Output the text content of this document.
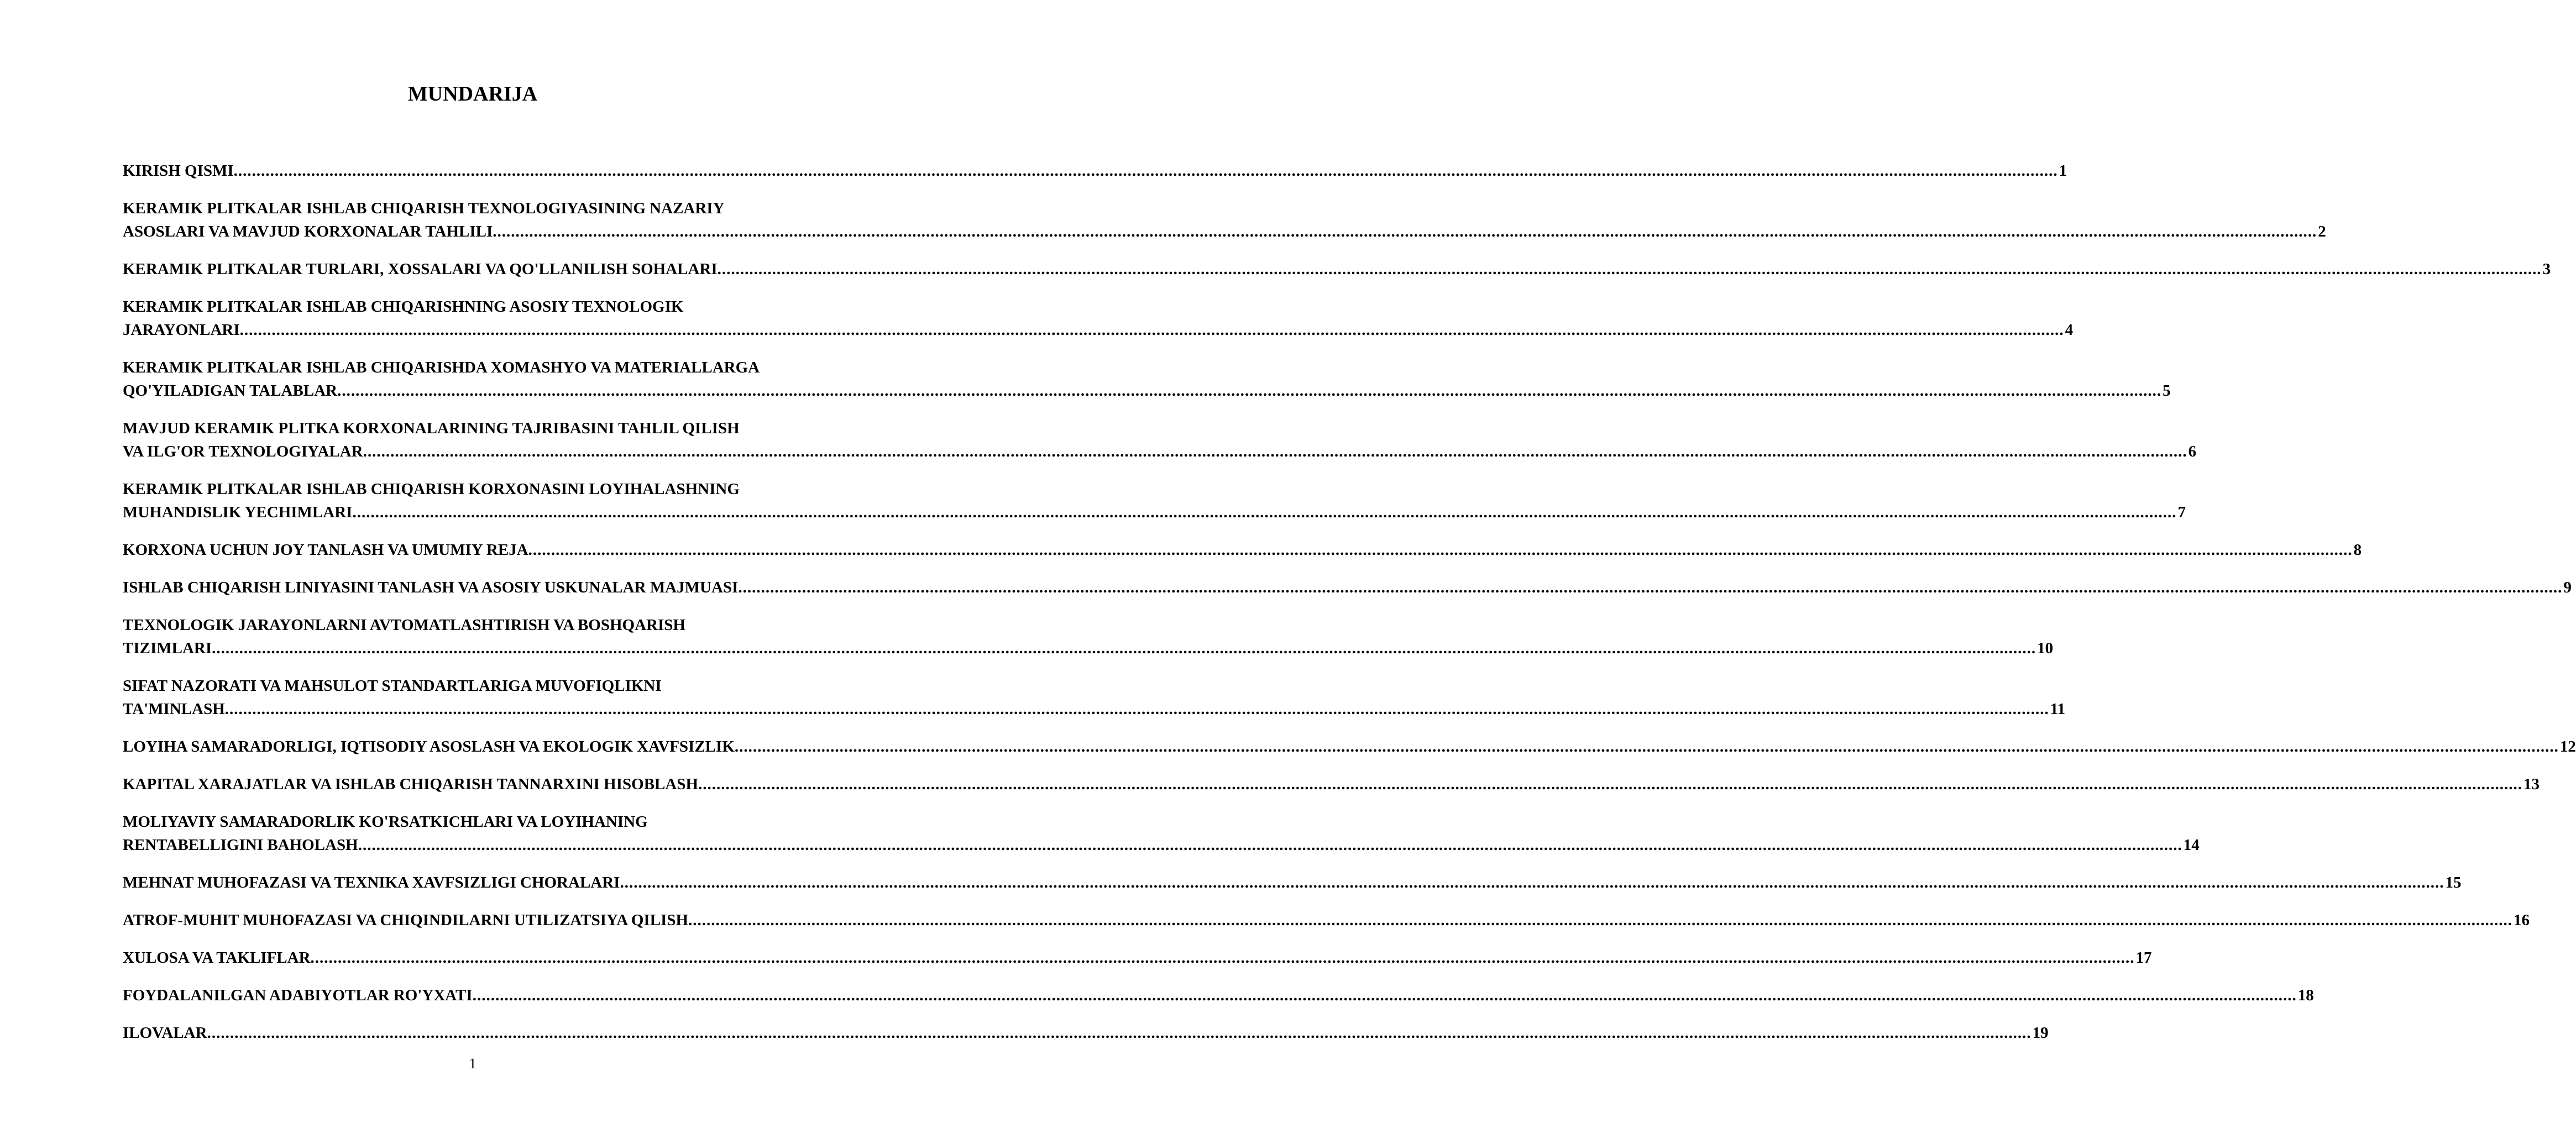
MUNDARIJA
KIRISH QISMI ................................................................................................................................................................................................................................................................................................................................................................................................................ 1
KERAMIK PLITKALAR ISHLAB CHIQARISH TEXNOLOGIYASINING NAZARIY
ASOSLARI VA MAVJUD KORXONALAR TAHLILI ................................................................................................................................................................................................................................................................................................................................................................................................................ 2
KERAMIK PLITKALAR TURLARI, XOSSALARI VA QO'LLANILISH SOHALARI ................................................................................................................................................................................................................................................................................................................................................................................................................ 3
KERAMIK PLITKALAR ISHLAB CHIQARISHNING ASOSIY TEXNOLOGIK
JARAYONLARI ................................................................................................................................................................................................................................................................................................................................................................................................................ 4
KERAMIK PLITKALAR ISHLAB CHIQARISHDA XOMASHYO VA MATERIALLARGA
QO'YILADIGAN TALABLAR ................................................................................................................................................................................................................................................................................................................................................................................................................ 5
MAVJUD KERAMIK PLITKA KORXONALARINING TAJRIBASINI TAHLIL QILISH
VA ILG'OR TEXNOLOGIYALAR ................................................................................................................................................................................................................................................................................................................................................................................................................ 6
KERAMIK PLITKALAR ISHLAB CHIQARISH KORXONASINI LOYIHALASHNING
MUHANDISLIK YECHIMLARI ................................................................................................................................................................................................................................................................................................................................................................................................................ 7
KORXONA UCHUN JOY TANLASH VA UMUMIY REJA ................................................................................................................................................................................................................................................................................................................................................................................................................ 8
ISHLAB CHIQARISH LINIYASINI TANLASH VA ASOSIY USKUNALAR MAJMUASI ................................................................................................................................................................................................................................................................................................................................................................................................................ 9
TEXNOLOGIK JARAYONLARNI AVTOMATLASHTIRISH VA BOSHQARISH
TIZIMLARI ................................................................................................................................................................................................................................................................................................................................................................................................................ 10
SIFAT NAZORATI VA MAHSULOT STANDARTLARIGA MUVOFIQLIKNI
TA'MINLASH ................................................................................................................................................................................................................................................................................................................................................................................................................ 11
LOYIHA SAMARADORLIGI, IQTISODIY ASOSLASH VA EKOLOGIK XAVFSIZLIK ................................................................................................................................................................................................................................................................................................................................................................................................................ 12
KAPITAL XARAJATLAR VA ISHLAB CHIQARISH TANNARXINI HISOBLASH ................................................................................................................................................................................................................................................................................................................................................................................................................ 13
MOLIYAVIY SAMARADORLIK KO'RSATKICHLARI VA LOYIHANING
RENTABELLIGINI BAHOLASH ................................................................................................................................................................................................................................................................................................................................................................................................................ 14
MEHNAT MUHOFAZASI VA TEXNIKA XAVFSIZLIGI CHORALARI ................................................................................................................................................................................................................................................................................................................................................................................................................ 15
ATROF-MUHIT MUHOFAZASI VA CHIQINDILARNI UTILIZATSIYA QILISH ................................................................................................................................................................................................................................................................................................................................................................................................................ 16
XULOSA VA TAKLIFLAR ................................................................................................................................................................................................................................................................................................................................................................................................................ 17
FOYDALANILGAN ADABIYOTLAR RO'YXATI ................................................................................................................................................................................................................................................................................................................................................................................................................ 18
ILOVALAR ................................................................................................................................................................................................................................................................................................................................................................................................................ 19
1
